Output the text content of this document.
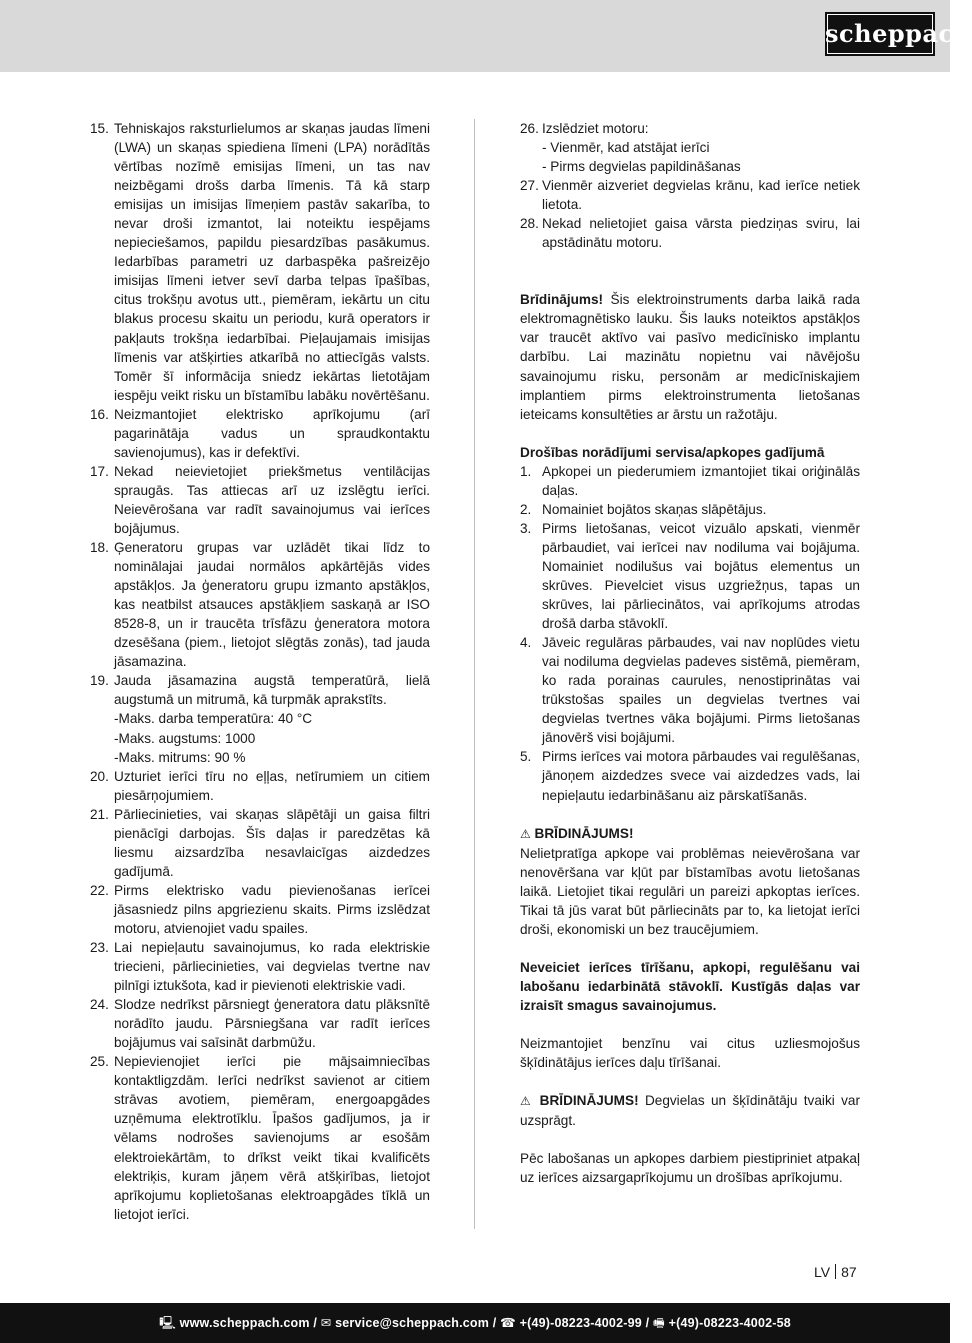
scheppach
15. Tehniskajos raksturlielumos ar skaņas jaudas līmeni (LWA) un skaņas spiediena līmeni (LPA) norādītās vērtības nozīmē emisijas līmeni, un tas nav neizbēgami drošs darba līmenis. Tā kā starp emisijas un imisijas līmeņiem pastāv sakarība, to nevar droši izmantot, lai noteiktu iespējams nepieciešamos, papildu piesardzības pasākumus. Iedarbības parametri uz darbaspēka pašreizējo imisijas līmeni ietver sevī darba telpas īpašības, citus trokšņu avotus utt., piemēram, iekārtu un citu blakus procesu skaitu un periodu, kurā operators ir pakļauts trokšņa iedarbībai. Pieļaujamais imisijas līmenis var atšķirties atkarībā no attiecīgās valsts. Tomēr šī informācija sniedz iekārtas lietotājam iespēju veikt risku un bīstamību labāku novērtēšanu.
16. Neizmantojiet elektrisko aprīkojumu (arī pagarinātāja vadus un spraudkontaktu savienojumus), kas ir defektīvi.
17. Nekad neievietojiet priekšmetus ventilācijas spraugās. Tas attiecas arī uz izslēgtu ierīci. Neievērošana var radīt savainojumus vai ierīces bojājumus.
18. Ģeneratoru grupas var uzlādēt tikai līdz to nominālajai jaudai normālos apkārtējās vides apstākļos. Ja ģeneratoru grupu izmanto apstākļos, kas neatbilst atsauces apstākļiem saskaņā ar ISO 8528-8, un ir traucēta trīsfāzu ģeneratora motora dzesēšana (piem., lietojot slēgtās zonās), tad jauda jāsamazina.
19. Jauda jāsamazina augstā temperatūrā, lielā augstumā un mitrumā, kā turpmāk aprakstīts.
-Maks. darba temperatūra: 40 °C
-Maks. augstums: 1000
-Maks. mitrums: 90 %
20. Uzturiet ierīci tīru no eļļas, netīrumiem un citiem piesārņojumiem.
21. Pārliecinieties, vai skaņas slāpētāji un gaisa filtri pienācīgi darbojas. Šīs daļas ir paredzētas kā liesmu aizsardzība nesavlaicīgas aizdedzes gadījumā.
22. Pirms elektrisko vadu pievienošanas ierīcei jāsasniedz pilns apgriezienu skaits. Pirms izslēdzat motoru, atvienojiet vadu spailes.
23. Lai nepieļautu savainojumus, ko rada elektriskie triecieni, pārliecinieties, vai degvielas tvertne nav pilnīgi iztukšota, kad ir pievienoti elektriskie vadi.
24. Slodze nedrīkst pārsniegt ģeneratora datu plāksnītē norādīto jaudu. Pārsniegšana var radīt ierīces bojājumus vai saīsināt darbmūžu.
25. Nepievienojiet ierīci pie mājsaimniecības kontaktligzdām. Ierīci nedrīkst savienot ar citiem strāvas avotiem, piemēram, energoapgādes uzņēmuma elektrotīklu. Īpašos gadījumos, ja ir vēlams nodrošes savienojums ar esošām elektroiekārtām, to drīkst veikt tikai kvalificēts elektriķis, kuram jāņem vērā atšķirības, lietojot aprīkojumu koplietošanas elektroapgādes tīklā un lietojot ierīci.
26. Izslēdziet motoru:
- Vienmēr, kad atstājat ierīci
- Pirms degvielas papildināšanas
27. Vienmēr aizveriet degvielas krānu, kad ierīce netiek lietota.
28. Nekad nelietojiet gaisa vārsta piedziņas sviru, lai apstādinātu motoru.

Brīdinājums! Šis elektroinstruments darba laikā rada elektromagnētisko lauku. Šis lauks noteiktos apstākļos var traucēt aktīvo vai pasīvo medicīnisko implantu darbību. Lai mazinātu nopietnu vai nāvējošu savainojumu risku, personām ar medicīniskajiem implantiem pirms elektroinstrumenta lietošanas ieteicams konsultēties ar ārstu un ražotāju.

Drošības norādījumi servisa/apkopes gadījumā

1. Apkopei un piederumiem izmantojiet tikai oriģinālās daļas.
2. Nomainiet bojātos skaņas slāpētājus.
3. Pirms lietošanas, veicot vizuālo apskati, vienmēr pārbaudiet, vai ierīcei nav nodiluma vai bojājuma. Nomainiet nodilušus vai bojātus elementus un skrūves. Pievelciet visus uzgriežņus, tapas un skrūves, lai pārliecinātos, vai aprīkojums atrodas drošā darba stāvoklī.
4. Jāveic regulāras pārbaudes, vai nav noplūdes vietu vai nodiluma degvielas padeves sistēmā, piemēram, ko rada porainas caurules, nenostiprinātas vai trūkstošas spailes un degvielas tvertnes vai degvielas tvertnes vāka bojājumi. Pirms lietošanas jānovērš visi bojājumi.
5. Pirms ierīces vai motora pārbaudes vai regulēšanas, jānoņem aizdedzes svece vai aizdedzes vads, lai nepieļautu iedarbināšanu aiz pārskatīšanās.

⚠ BRĪDINĀJUMS!

Nelietpratīga apkope vai problēmas neievērošana var nenovēršana var kļūt par bīstamības avotu lietošanas laikā. Lietojiet tikai regulāri un pareizi apkoptas ierīces. Tikai tā jūs varat būt pārliecināts par to, ka lietojat ierīci droši, ekonomiski un bez traucējumiem.

Neveiciet ierīces tīrīšanu, apkopi, regulēšanu vai labošanu iedarbinātā stāvoklī. Kustīgās daļas var izraisīt smagus savainojumus.

Neizmantojiet benzīnu vai citus uzliesmojošus šķīdinātājus ierīces daļu tīrīšanai.

⚠ BRĪDINĀJUMS! Degvielas un šķīdinātāju tvaiki var uzsprāgt.

Pēc labošanas un apkopes darbiem piestipriniet atpakaļ uz ierīces aizsargaprīkojumu un drošības aprīkojumu.

LV 87
🖳 www.scheppach.com / ✉ service@scheppach.com / ☎ +(49)-08223-4002-99 / 🖷 +(49)-08223-4002-58
